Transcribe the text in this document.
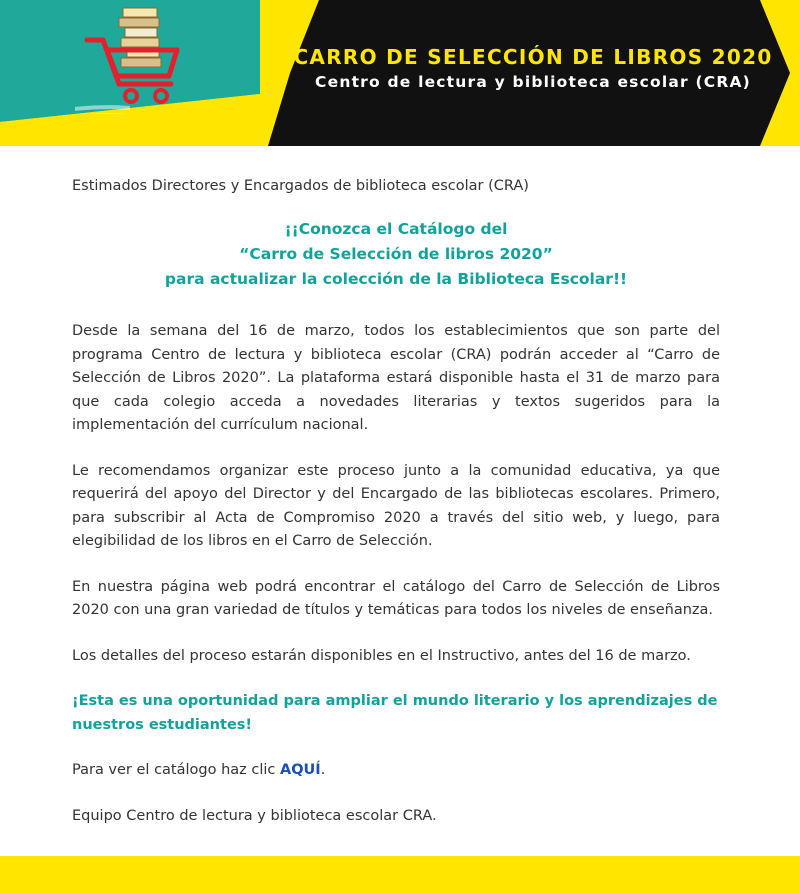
CARRO DE SELECCIÓN DE LIBROS 2020
Centro de lectura y biblioteca escolar (CRA)

Estimados Directores y Encargados de biblioteca escolar (CRA)

¡¡Conozca el Catálogo del
“Carro de Selección de libros 2020”
para actualizar la colección de la Biblioteca Escolar!!

Desde la semana del 16 de marzo, todos los establecimientos que son parte del programa Centro de lectura y biblioteca escolar (CRA) podrán acceder al “Carro de Selección de Libros 2020”. La plataforma estará disponible hasta el 31 de marzo para que cada colegio acceda a novedades literarias y textos sugeridos para la implementación del currículum nacional.

Le recomendamos organizar este proceso junto a la comunidad educativa, ya que requerirá del apoyo del Director y del Encargado de las bibliotecas escolares. Primero, para subscribir al Acta de Compromiso 2020 a través del sitio web, y luego, para elegibilidad de los libros en el Carro de Selección.

En nuestra página web podrá encontrar el catálogo del Carro de Selección de Libros 2020 con una gran variedad de títulos y temáticas para todos los niveles de enseñanza.

Los detalles del proceso estarán disponibles en el Instructivo, antes del 16 de marzo.

¡Esta es una oportunidad para ampliar el mundo literario y los aprendizajes de nuestros estudiantes!

Para ver el catálogo haz clic AQUÍ.

Equipo Centro de lectura y biblioteca escolar CRA.
